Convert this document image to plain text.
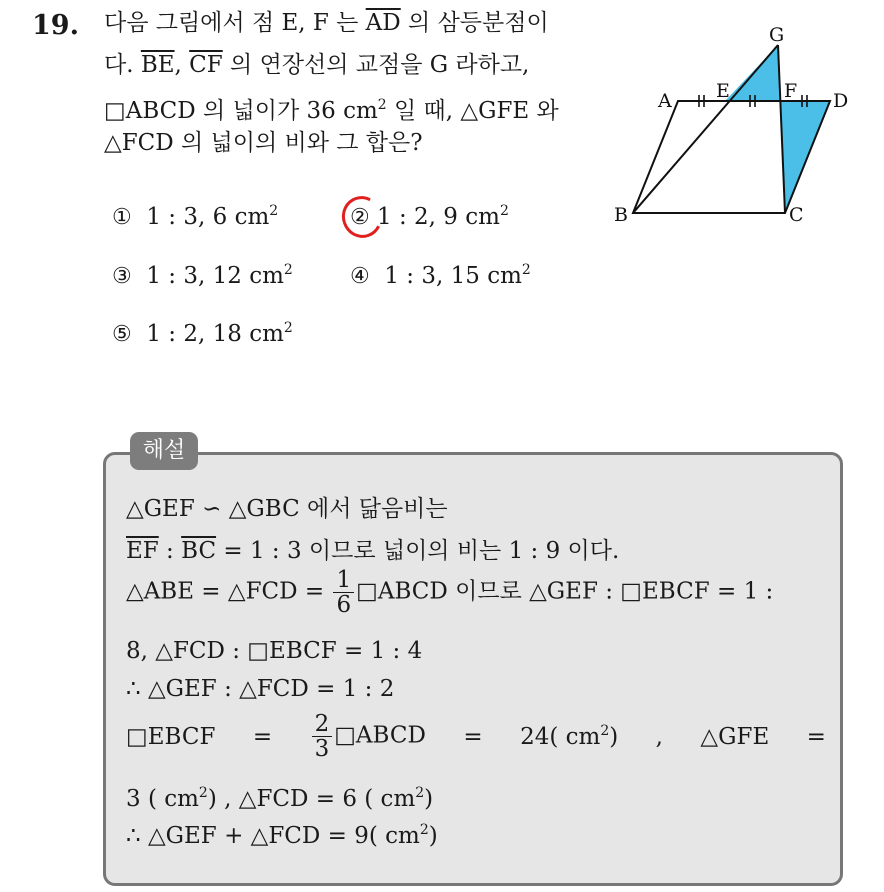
19. 다음 그림에서 점 E, F 는 $\overline{AD}$ 의 삼등분점이
다. $\overline{BE}$, $\overline{CF}$ 의 연장선의 교점을 G 라하고,
□ABCD 의 넓이가 36 $cm^2$ 일 때, △GFE 와
△FCD 의 넓이의 비와 그 합은?
① 1 : 3, 6 $cm^2$	② 1 : 2, 9 $cm^2$
③ 1 : 3, 12 $cm^2$	④ 1 : 3, 15 $cm^2$
⑤ 1 : 2, 18 $cm^2$
A
B	C
D
E	F
G
해설
△GEF ∽ △GBC 에서 닮음비는
$\overline{EF}$ : $\overline{BC} = 1$ : 3 이므로 넓이의 비는 1 : 9 이다.
△ABE = △FCD = $\frac{1}{6}$ □ABCD 이므로 △GEF : □EBCF = 1 :
8, △FCD : □EBCF = 1 : 4
∴ △GEF : △FCD = 1 : 2
□EBCF = $\frac{2}{3}$ □ABCD = 24( $cm^2$) , △GFE =
3 ( $cm^2$) , △FCD = 6 ( $cm^2$)
∴ △GEF + △FCD = 9( $cm^2$)
